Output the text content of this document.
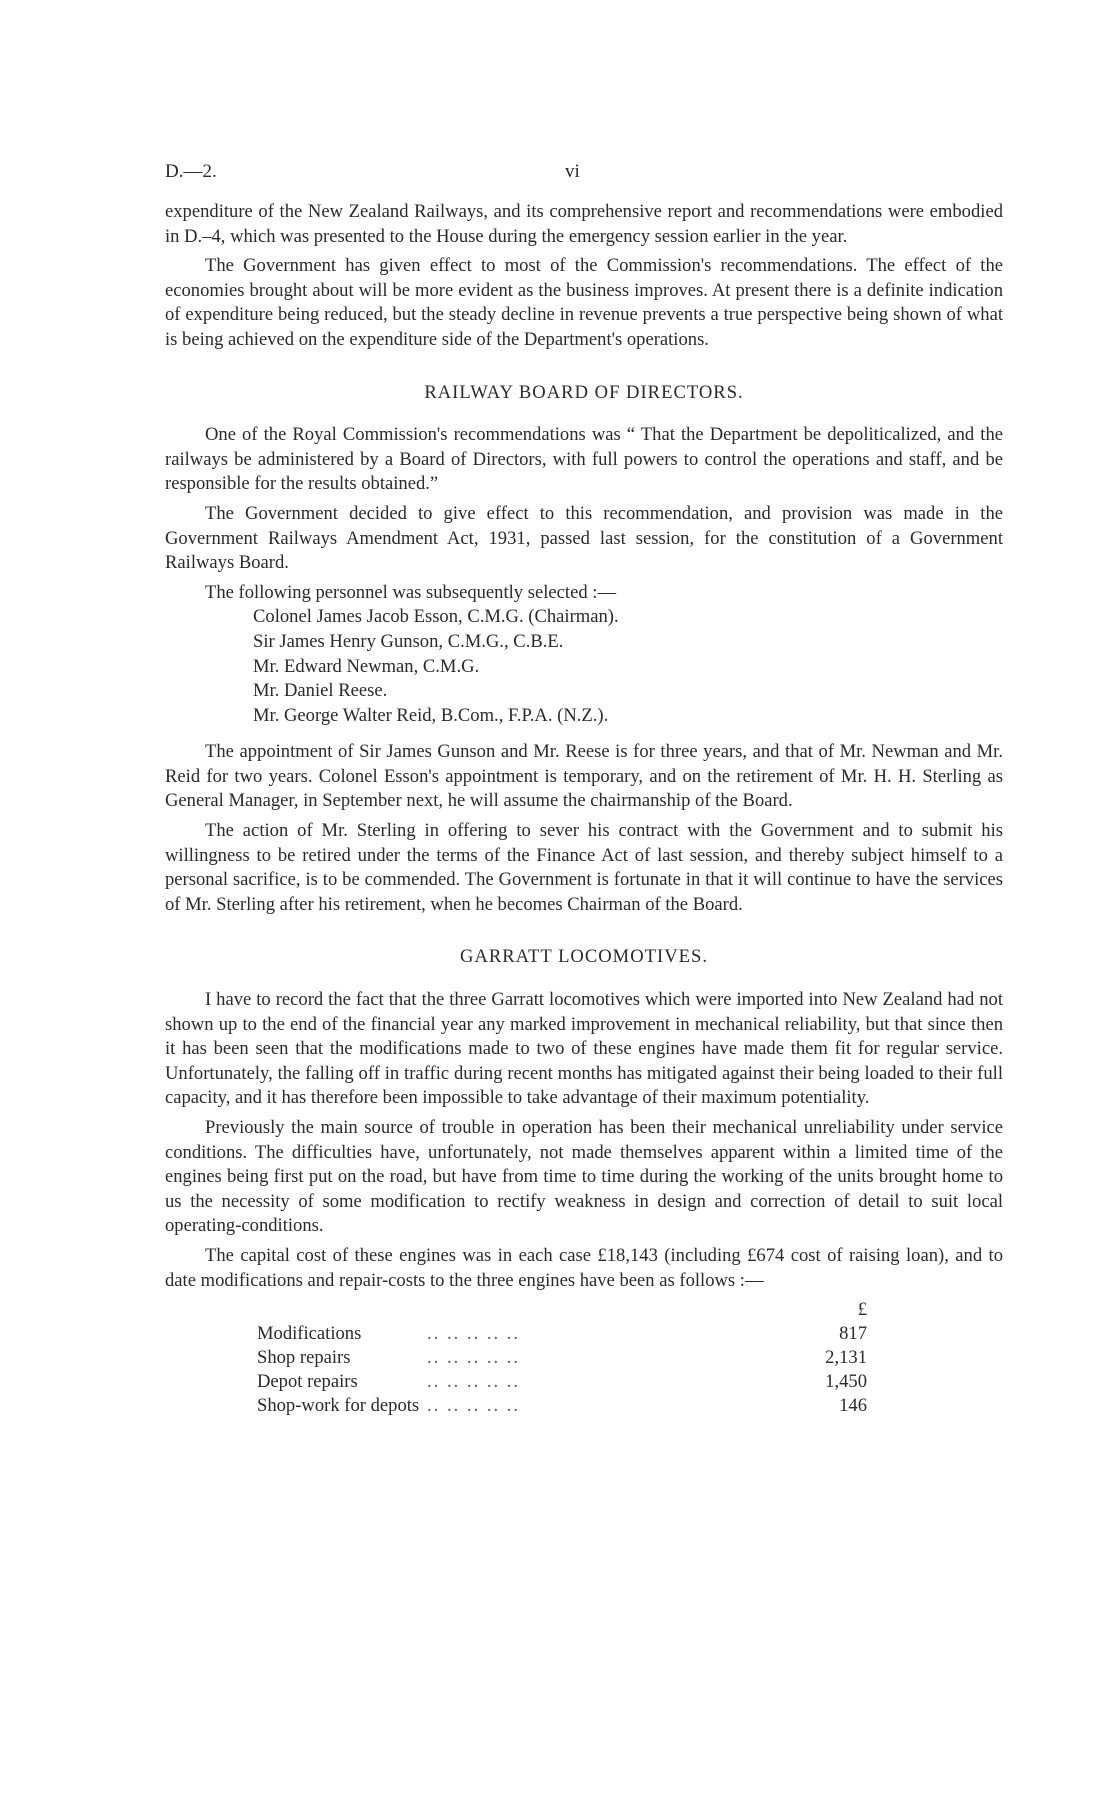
D.—2.	vi

expenditure of the New Zealand Railways, and its comprehensive report and recommendations were embodied in D.–4, which was presented to the House during the emergency session earlier in the year.

The Government has given effect to most of the Commission's recommendations. The effect of the economies brought about will be more evident as the business improves. At present there is a definite indication of expenditure being reduced, but the steady decline in revenue prevents a true perspective being shown of what is being achieved on the expenditure side of the Department's operations.

RAILWAY BOARD OF DIRECTORS.

One of the Royal Commission's recommendations was “ That the Department be depoliticalized, and the railways be administered by a Board of Directors, with full powers to control the operations and staff, and be responsible for the results obtained.”

The Government decided to give effect to this recommendation, and provision was made in the Government Railways Amendment Act, 1931, passed last session, for the constitution of a Government Railways Board.

The following personnel was subsequently selected :—

Colonel James Jacob Esson, C.M.G. (Chairman).
Sir James Henry Gunson, C.M.G., C.B.E.
Mr. Edward Newman, C.M.G.
Mr. Daniel Reese.
Mr. George Walter Reid, B.Com., F.P.A. (N.Z.).

The appointment of Sir James Gunson and Mr. Reese is for three years, and that of Mr. Newman and Mr. Reid for two years. Colonel Esson's appointment is temporary, and on the retirement of Mr. H. H. Sterling as General Manager, in September next, he will assume the chairmanship of the Board.

The action of Mr. Sterling in offering to sever his contract with the Government and to submit his willingness to be retired under the terms of the Finance Act of last session, and thereby subject himself to a personal sacrifice, is to be commended. The Government is fortunate in that it will continue to have the services of Mr. Sterling after his retirement, when he becomes Chairman of the Board.

GARRATT LOCOMOTIVES.

I have to record the fact that the three Garratt locomotives which were imported into New Zealand had not shown up to the end of the financial year any marked improvement in mechanical reliability, but that since then it has been seen that the modifications made to two of these engines have made them fit for regular service. Unfortunately, the falling off in traffic during recent months has mitigated against their being loaded to their full capacity, and it has therefore been impossible to take advantage of their maximum potentiality.

Previously the main source of trouble in operation has been their mechanical unreliability under service conditions. The difficulties have, unfortunately, not made themselves apparent within a limited time of the engines being first put on the road, but have from time to time during the working of the units brought home to us the necessity of some modification to rectify weakness in design and correction of detail to suit local operating-conditions.

The capital cost of these engines was in each case £18,143 (including £674 cost of raising loan), and to date modifications and repair-costs to the three engines have been as follows :—

		£
Modifications	.. .. .. .. ..	817
Shop repairs	.. .. .. .. ..	2,131
Depot repairs	.. .. .. .. ..	1,450
Shop-work for depots	.. .. .. .. ..	146
